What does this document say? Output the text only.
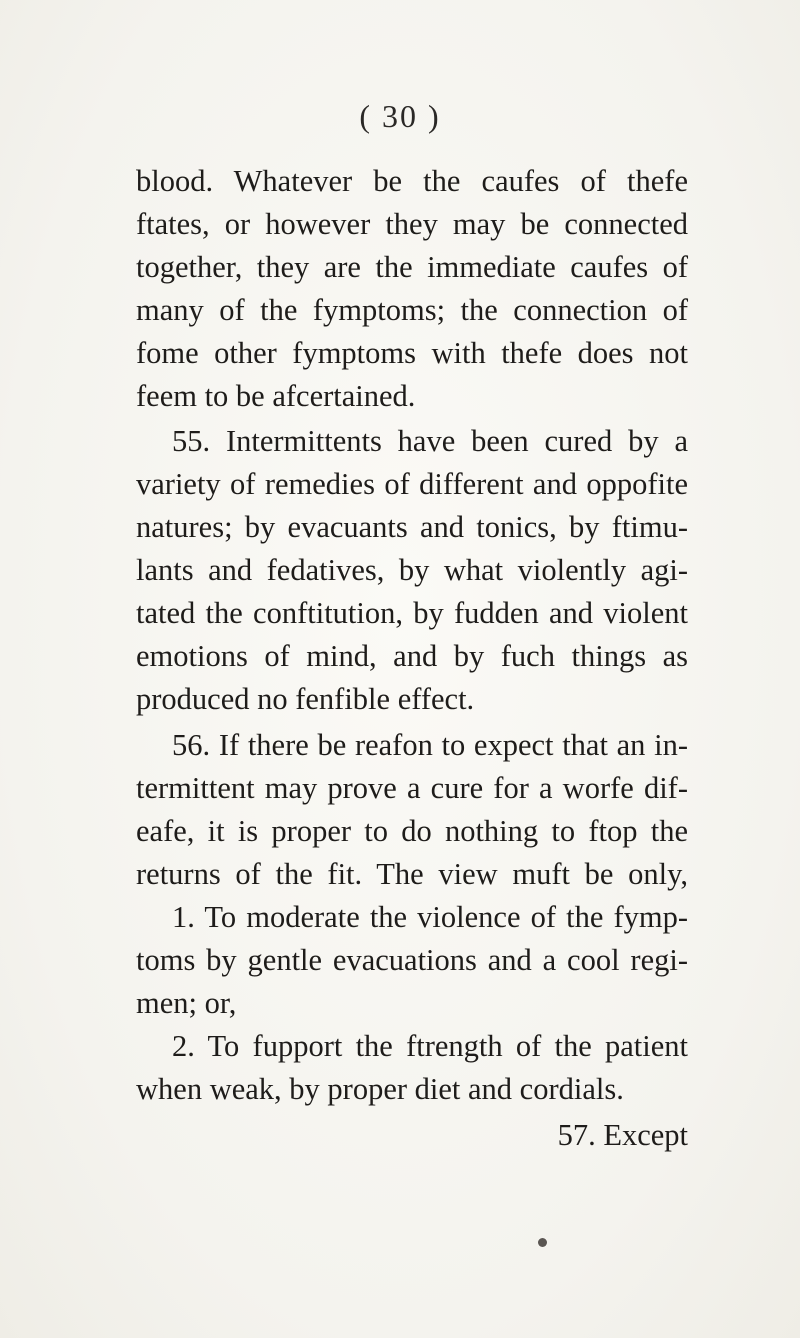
( 30 )
blood. Whatever be the caufes of thefe
ftates, or however they may be connected
together, they are the immediate caufes of
many of the fymptoms; the connection of
fome other fymptoms with thefe does not
feem to be afcertained.
55. Intermittents have been cured by a
variety of remedies of different and oppofite
natures; by evacuants and tonics, by ftimu-
lants and fedatives, by what violently agi-
tated the conftitution, by fudden and violent
emotions of mind, and by fuch things as
produced no fenfible effect.
56. If there be reafon to expect that an in-
termittent may prove a cure for a worfe dif-
eafe, it is proper to do nothing to ftop the
returns of the fit. The view muft be only,
1. To moderate the violence of the fymp-
toms by gentle evacuations and a cool regi-
men; or,
2. To fupport the ftrength of the patient
when weak, by proper diet and cordials.
57. Except
